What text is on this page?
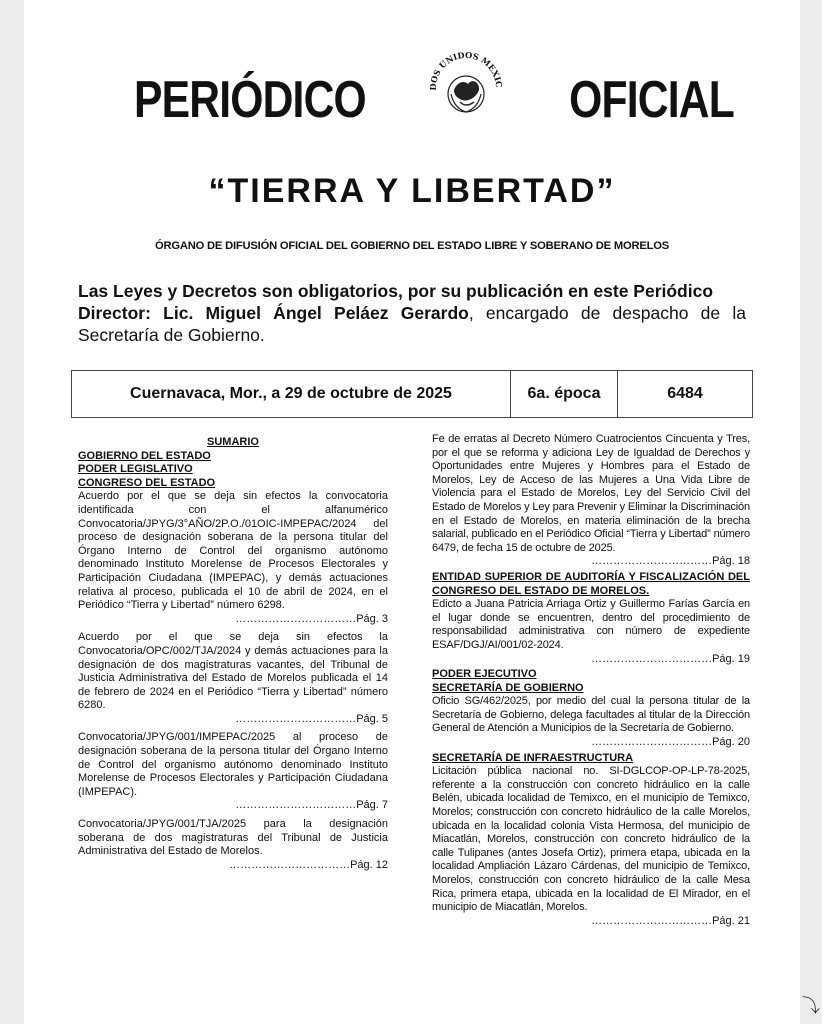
PERIÓDICO	DOS UNIDOS MEXIC OFICIAL
“TIERRA Y LIBERTAD”
ÓRGANO DE DIFUSIÓN OFICIAL DEL GOBIERNO DEL ESTADO LIBRE Y SOBERANO DE MORELOS
Las Leyes y Decretos son obligatorios, por su publicación en este Periódico
Director: Lic. Miguel Ángel Peláez Gerardo, encargado de despacho de la Secretaría de Gobierno.
Cuernavaca, Mor., a 29 de octubre de 2025	6a. época	6484
SUMARIO
GOBIERNO DEL ESTADO
PODER LEGISLATIVO
CONGRESO DEL ESTADO
Acuerdo por el que se deja sin efectos la convocatoria identificada con el alfanumérico Convocatoria/JPYG/3°AÑO/2P.O./01OIC-IMPEPAC/2024 del proceso de designación soberana de la persona titular del Órgano Interno de Control del organismo autónomo denominado Instituto Morelense de Procesos Electorales y Participación Ciudadana (IMPEPAC), y demás actuaciones relativa al proceso, publicada el 10 de abril de 2024, en el Periódico “Tierra y Libertad” número 6298.
……………………………Pág. 3
Acuerdo por el que se deja sin efectos la Convocatoria/OPC/002/TJA/2024 y demás actuaciones para la designación de dos magistraturas vacantes, del Tribunal de Justicia Administrativa del Estado de Morelos publicada el 14 de febrero de 2024 en el Periódico “Tierra y Libertad” número 6280.
……………………………Pág. 5
Convocatoria/JPYG/001/IMPEPAC/2025 al proceso de designación soberana de la persona titular del Órgano Interno de Control del organismo autónomo denominado Instituto Morelense de Procesos Electorales y Participación Ciudadana (IMPEPAC).
……………………………Pág. 7
Convocatoria/JPYG/001/TJA/2025 para la designación soberana de dos magistraturas del Tribunal de Justicia Administrativa del Estado de Morelos.
……………………………Pág. 12
Fe de erratas al Decreto Número Cuatrocientos Cincuenta y Tres, por el que se reforma y adiciona Ley de Igualdad de Derechos y Oportunidades entre Mujeres y Hombres para el Estado de Morelos, Ley de Acceso de las Mujeres a Una Vida Libre de Violencia para el Estado de Morelos, Ley del Servicio Civil del Estado de Morelos y Ley para Prevenir y Eliminar la Discriminación en el Estado de Morelos, en materia eliminación de la brecha salarial, publicado en el Periódico Oficial “Tierra y Libertad” número 6479, de fecha 15 de octubre de 2025.
……………………………Pág. 18
ENTIDAD SUPERIOR DE AUDITORÍA Y FISCALIZACIÓN DEL CONGRESO DEL ESTADO DE MORELOS.
Edicto a Juana Patricia Arriaga Ortiz y Guillermo Farías García en el lugar donde se encuentren, dentro del procedimiento de responsabilidad administrativa con número de expediente ESAF/DGJ/AI/001/02-2024.
……………………………Pág. 19
PODER EJECUTIVO
SECRETARÍA DE GOBIERNO
Oficio SG/462/2025, por medio del cual la persona titular de la Secretaría de Gobierno, delega facultades al titular de la Dirección General de Atención a Municipios de la Secretaría de Gobierno.
……………………………Pág. 20
SECRETARÍA DE INFRAESTRUCTURA
Licitación pública nacional no. SI-DGLCOP-OP-LP-78-2025, referente a la construcción con concreto hidráulico en la calle Belén, ubicada localidad de Temixco, en el municipio de Temixco, Morelos; construcción con concreto hidráulico de la calle Morelos, ubicada en la localidad colonia Vista Hermosa, del municipio de Miacatlán, Morelos, construcción con concreto hidráulico de la calle Tulipanes (antes Josefa Ortiz), primera etapa, ubicada en la localidad Ampliación Lázaro Cárdenas, del municipio de Temixco, Morelos, construcción con concreto hidráulico de la calle Mesa Rica, primera etapa, ubicada en la localidad de El Mirador, en el municipio de Miacatlán, Morelos.
……………………………Pág. 21
⤵
